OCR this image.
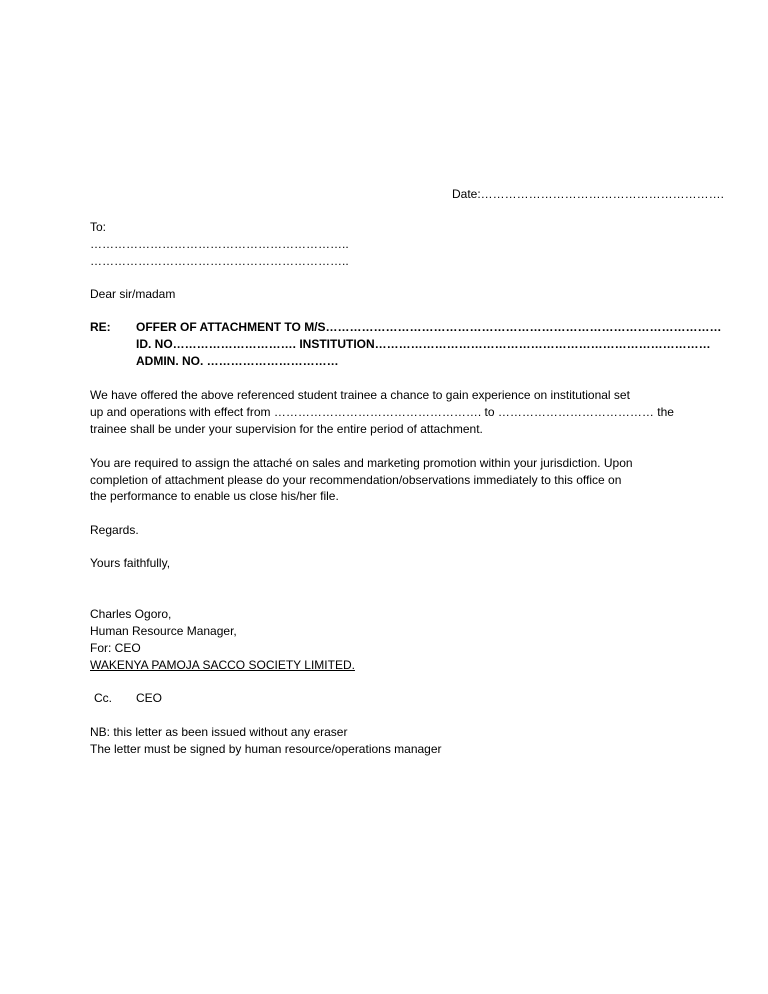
Date:…………………………………………………….
To:
………………………………………………………..
………………………………………………………..
Dear sir/madam
RE: OFFER OF ATTACHMENT TO M/S………………………………………………………………………………………
ID. NO…………………………. INSTITUTION…………………………………………………………………………
ADMIN. NO. ……………………………
We have offered the above referenced student trainee a chance to gain experience on institutional set
up and operations with effect from ……………………………………………. to ………………………………… the
trainee shall be under your supervision for the entire period of attachment.
You are required to assign the attaché on sales and marketing promotion within your jurisdiction. Upon
completion of attachment please do your recommendation/observations immediately to this office on
the performance to enable us close his/her file.
Regards.
Yours faithfully,
Charles Ogoro,
Human Resource Manager,
For: CEO
WAKENYA PAMOJA SACCO SOCIETY LIMITED.
Cc. CEO
NB: this letter as been issued without any eraser
The letter must be signed by human resource/operations manager
